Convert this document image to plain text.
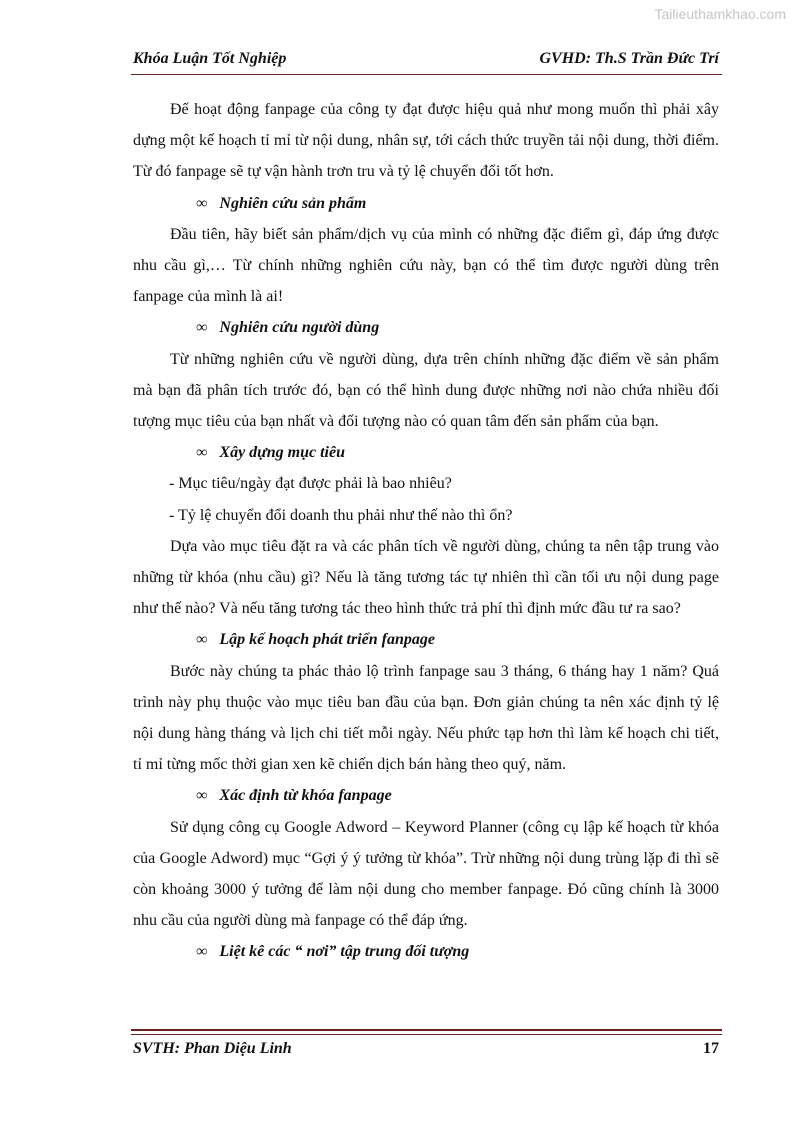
Tailieuthamkhao.com
Khóa Luận Tốt Nghiệp	GVHD: Th.S Trần Đức Trí

Để hoạt động fanpage của công ty đạt được hiệu quả như mong muốn thì phải xây dựng một kế hoạch tỉ mỉ từ nội dung, nhân sự, tới cách thức truyền tải nội dung, thời điểm. Từ đó fanpage sẽ tự vận hành trơn tru và tỷ lệ chuyển đổi tốt hơn.

∞ Nghiên cứu sản phẩm

Đầu tiên, hãy biết sản phẩm/dịch vụ của mình có những đặc điểm gì, đáp ứng được nhu cầu gì,… Từ chính những nghiên cứu này, bạn có thể tìm được người dùng trên fanpage của mình là ai!

∞ Nghiên cứu người dùng

Từ những nghiên cứu về người dùng, dựa trên chính những đặc điểm về sản phẩm mà bạn đã phân tích trước đó, bạn có thể hình dung được những nơi nào chứa nhiều đối tượng mục tiêu của bạn nhất và đối tượng nào có quan tâm đến sản phẩm của bạn.

∞ Xây dựng mục tiêu

- Mục tiêu/ngày đạt được phải là bao nhiêu?

- Tỷ lệ chuyển đổi doanh thu phải như thế nào thì ổn?

Dựa vào mục tiêu đặt ra và các phân tích về người dùng, chúng ta nên tập trung vào những từ khóa (nhu cầu) gì? Nếu là tăng tương tác tự nhiên thì cần tối ưu nội dung page như thế nào? Và nếu tăng tương tác theo hình thức trả phí thì định mức đầu tư ra sao?

∞ Lập kế hoạch phát triển fanpage

Bước này chúng ta phác thảo lộ trình fanpage sau 3 tháng, 6 tháng hay 1 năm? Quá trình này phụ thuộc vào mục tiêu ban đầu của bạn. Đơn giản chúng ta nên xác định tỷ lệ nội dung hàng tháng và lịch chi tiết mỗi ngày. Nếu phức tạp hơn thì làm kế hoạch chi tiết, tỉ mỉ từng mốc thời gian xen kẽ chiến dịch bán hàng theo quý, năm.

∞ Xác định từ khóa fanpage

Sử dụng công cụ Google Adword – Keyword Planner (công cụ lập kế hoạch từ khóa của Google Adword) mục “Gợi ý ý tưởng từ khóa”. Trừ những nội dung trùng lặp đi thì sẽ còn khoảng 3000 ý tưởng để làm nội dung cho member fanpage. Đó cũng chính là 3000 nhu cầu của người dùng mà fanpage có thể đáp ứng.

∞ Liệt kê các “ nơi” tập trung đối tượng

SVTH: Phan Diệu Linh	17
